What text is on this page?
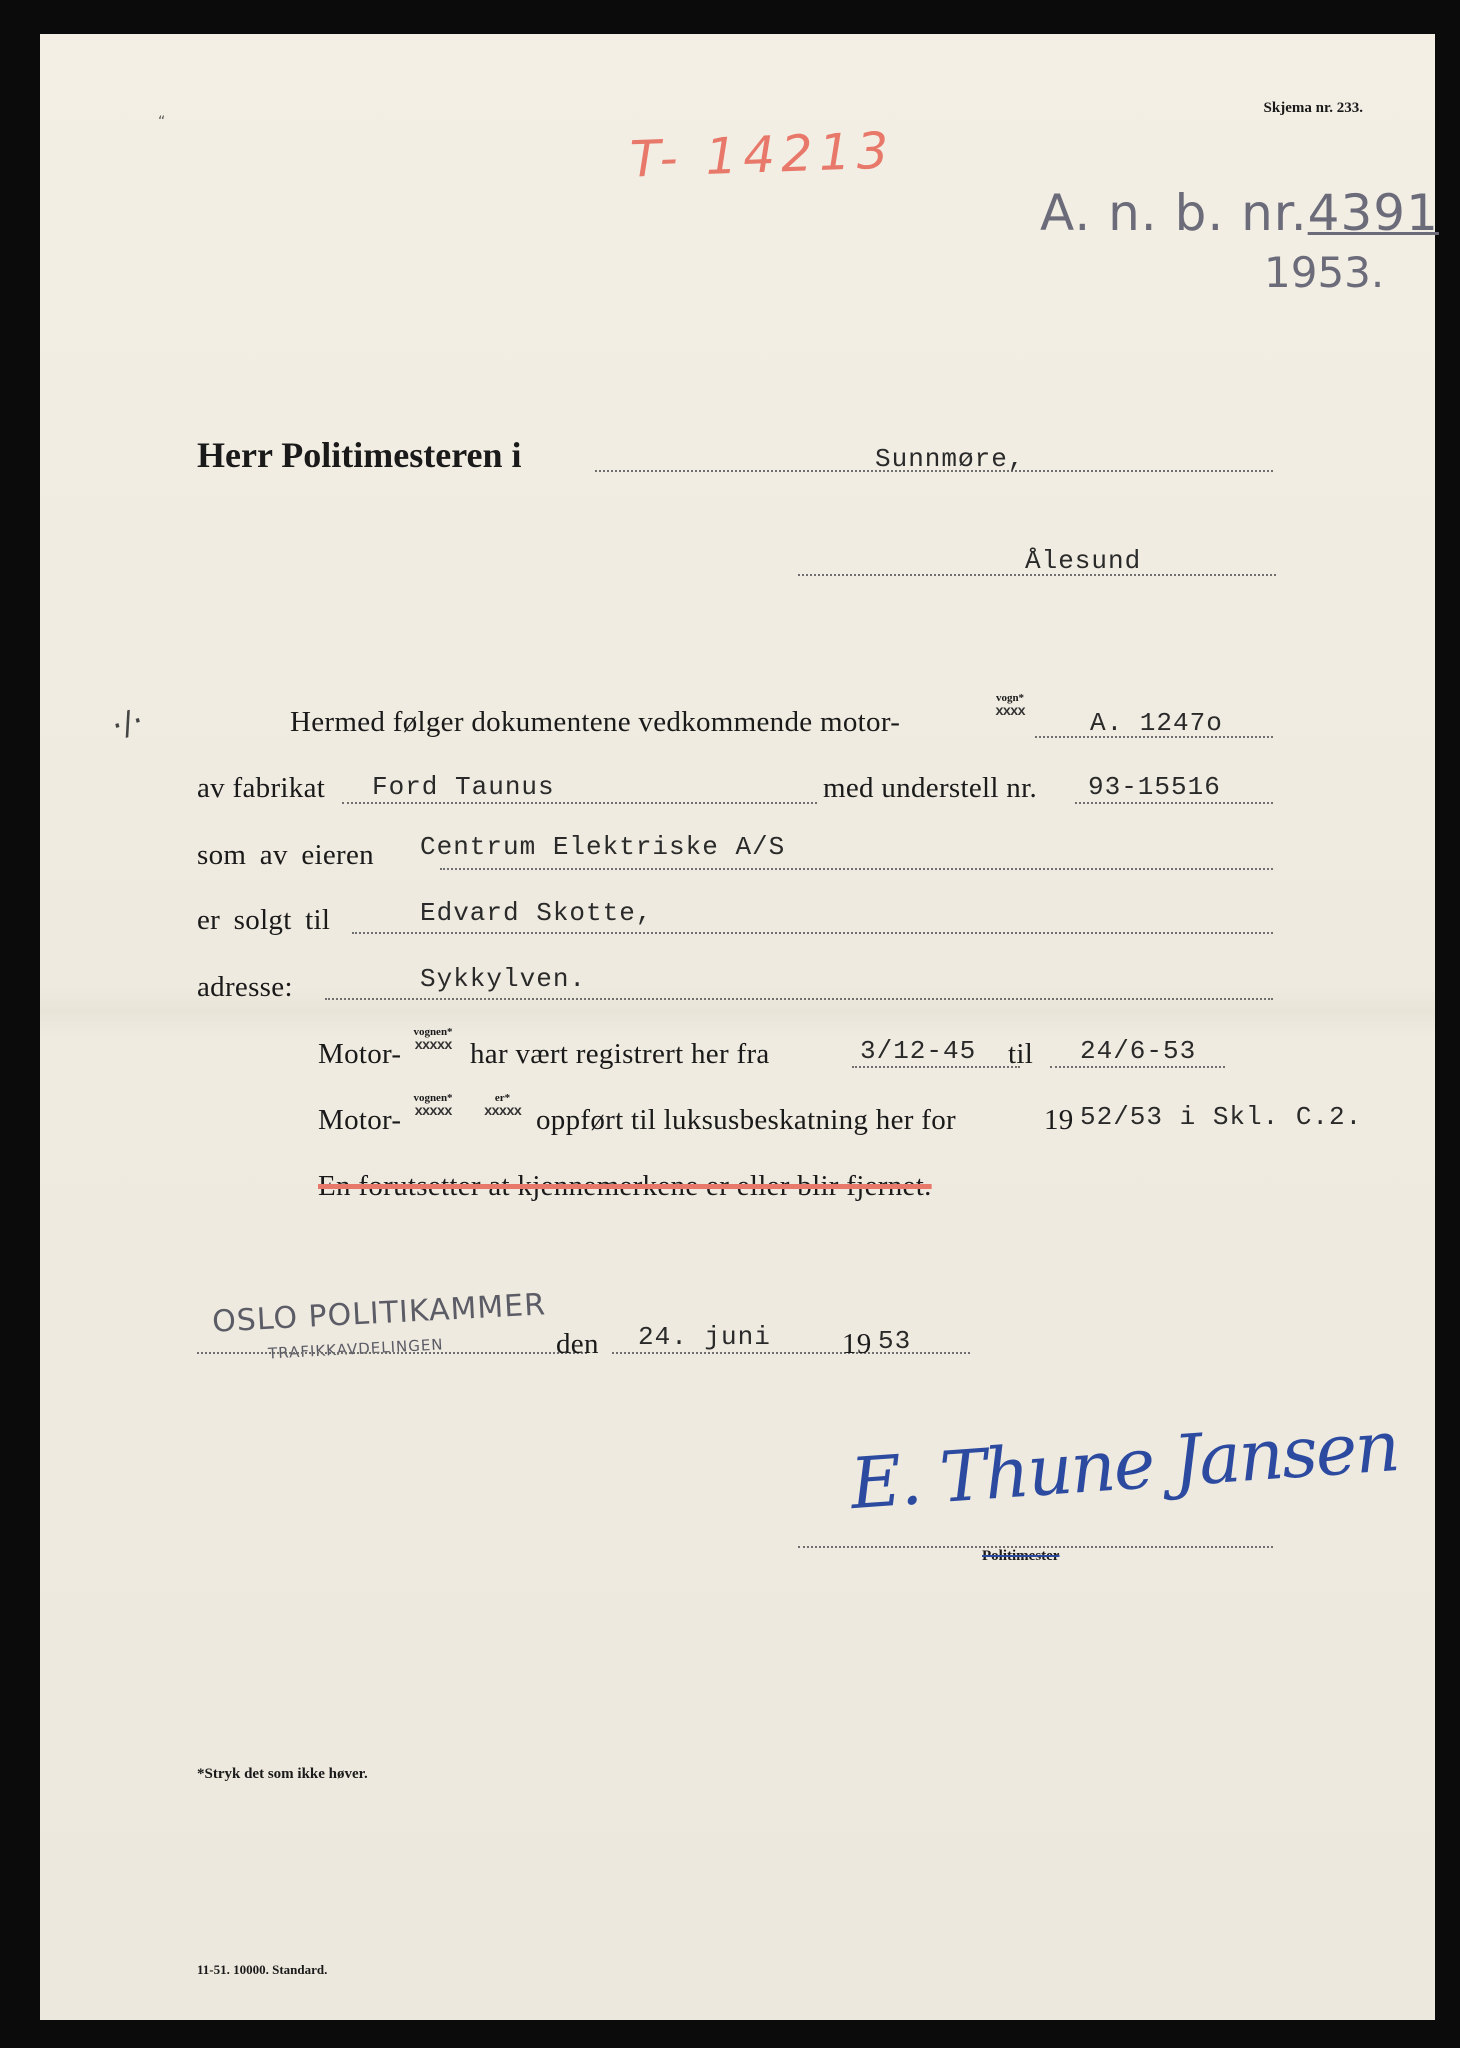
Skjema nr. 233.
“	T- 14213
A. n. b. nr.4391
1953.
Herr Politimesteren i	Sunnmøre,
Ålesund
·/·	Hermed følger dokumentene vedkommende motor-
vogn*
xxxx	A. 1247o
av fabrikat Ford Taunus	med understell nr. 93-15516
som av eieren Centrum Elektriske A/S
er solgt til	Edvard Skotte,
adresse:	Sykkylven.
Motor-
vognen*
xxxxx har vært registrert her fra	3/12-45 til 24/6-53
Motor-
vognen*
xxxxx
er*
xxxxx oppført til luksusbeskatning her for	19 52/53 i Skl. C.2.
En forutsetter at kjennemerkene er eller blir fjernet.
OSLO POLITIKAMMER
TRAFIKKAVDELINGEN	den 24. juni 19 53
E. Thune Jansen
Politimester
*Stryk det som ikke høver.
11-51. 10000. Standard.
